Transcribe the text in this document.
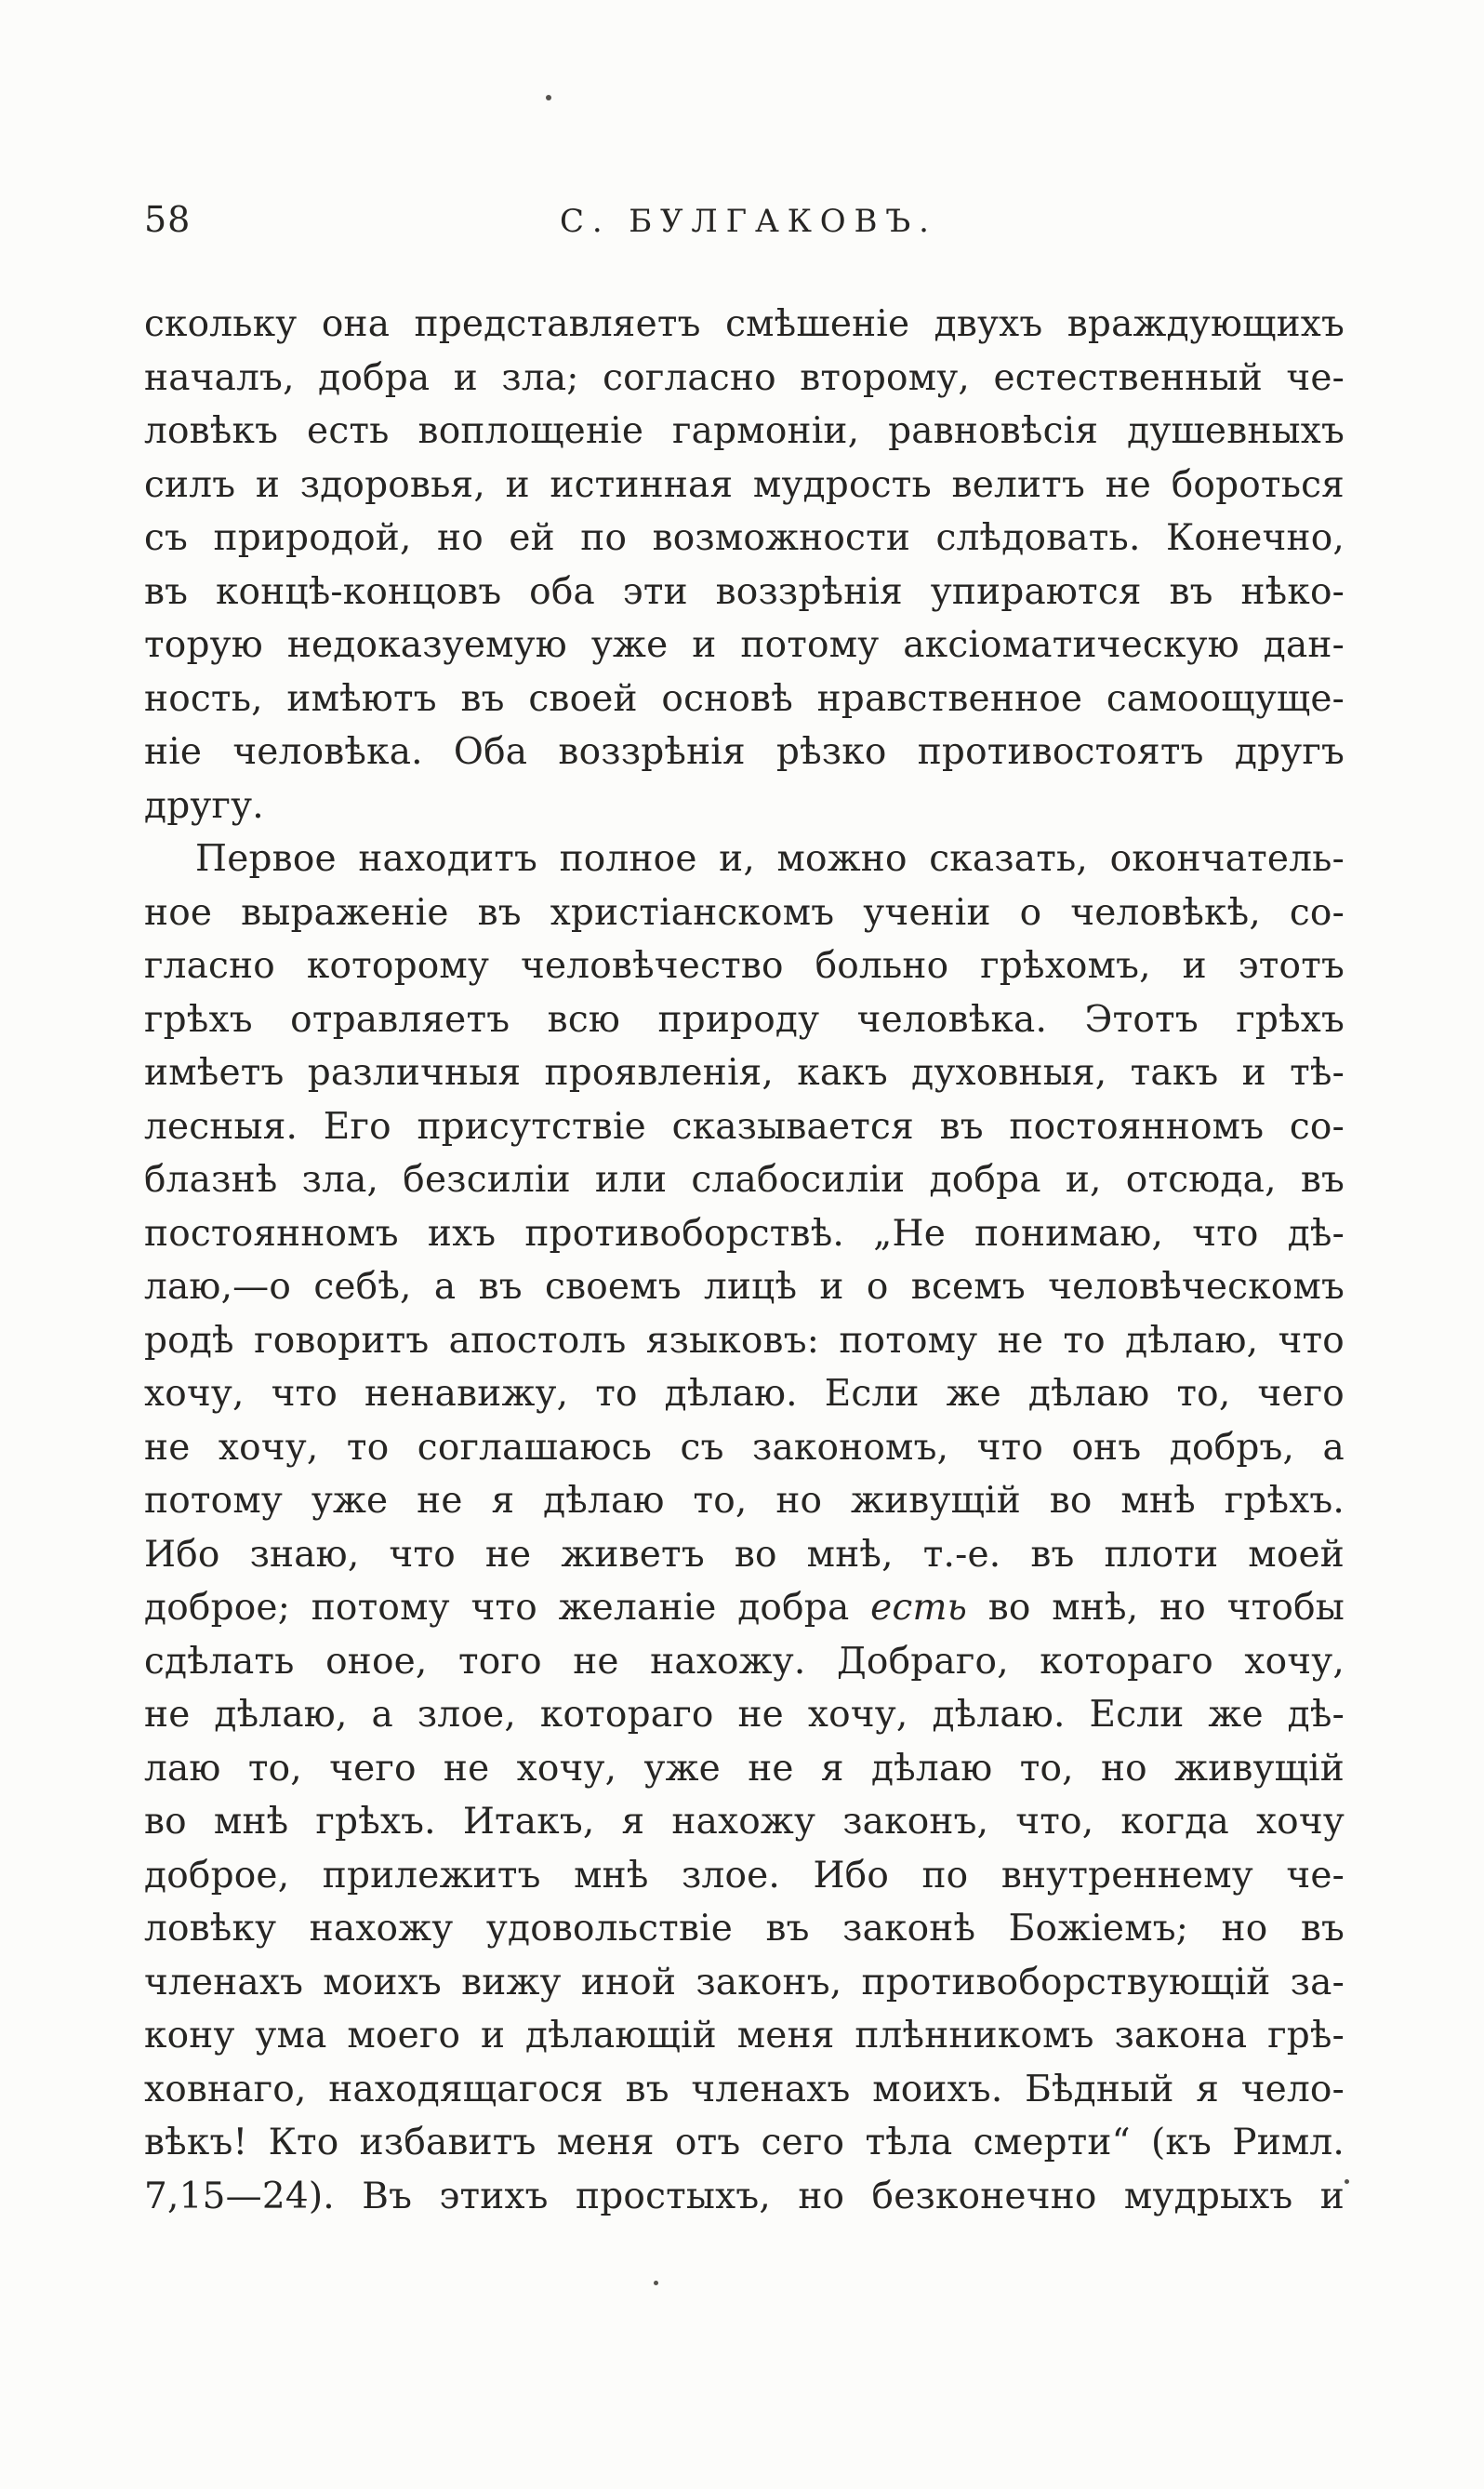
58	С. БУЛГАКОВЪ.
скольку она представляетъ смѣшеніе двухъ враждующихъ
началъ, добра и зла; согласно второму, естественный че-
ловѣкъ есть воплощеніе гармоніи, равновѣсія душевныхъ
силъ и здоровья, и истинная мудрость велитъ не бороться
съ природой, но ей по возможности слѣдовать. Конечно,
въ концѣ-концовъ оба эти воззрѣнія упираются въ нѣко-
торую недоказуемую уже и потому аксіоматическую дан-
ность, имѣютъ въ своей основѣ нравственное самоощуще-
ніе человѣка. Оба воззрѣнія рѣзко противостоятъ другъ
другу.
Первое находитъ полное и, можно сказать, окончатель-
ное выраженіе въ христіанскомъ ученіи о человѣкѣ, со-
гласно которому человѣчество больно грѣхомъ, и этотъ
грѣхъ отравляетъ всю природу человѣка. Этотъ грѣхъ
имѣетъ различныя проявленія, какъ духовныя, такъ и тѣ-
лесныя. Его присутствіе сказывается въ постоянномъ со-
блазнѣ зла, безсиліи или слабосиліи добра и, отсюда, въ
постоянномъ ихъ противоборствѣ. „Не понимаю, что дѣ-
лаю,—о себѣ, а въ своемъ лицѣ и о всемъ человѣческомъ
родѣ говоритъ апостолъ языковъ: потому не то дѣлаю, что
хочу, что ненавижу, то дѣлаю. Если же дѣлаю то, чего
не хочу, то соглашаюсь съ закономъ, что онъ добръ, а
потому уже не я дѣлаю то, но живущій во мнѣ грѣхъ.
Ибо знаю, что не живетъ во мнѣ, т.-е. въ плоти моей
доброе; потому что желаніе добра есть во мнѣ, но чтобы
сдѣлать оное, того не нахожу. Добраго, котораго хочу,
не дѣлаю, а злое, котораго не хочу, дѣлаю. Если же дѣ-
лаю то, чего не хочу, уже не я дѣлаю то, но живущій
во мнѣ грѣхъ. Итакъ, я нахожу законъ, что, когда хочу
доброе, прилежитъ мнѣ злое. Ибо по внутреннему че-
ловѣку нахожу удовольствіе въ законѣ Божіемъ; но въ
членахъ моихъ вижу иной законъ, противоборствующій за-
кону ума моего и дѣлающій меня плѣнникомъ закона грѣ-
ховнаго, находящагося въ членахъ моихъ. Бѣдный я чело-
вѣкъ! Кто избавитъ меня отъ сего тѣла смерти“ (къ Римл.
7,15—24). Въ этихъ простыхъ, но безконечно мудрыхъ и
